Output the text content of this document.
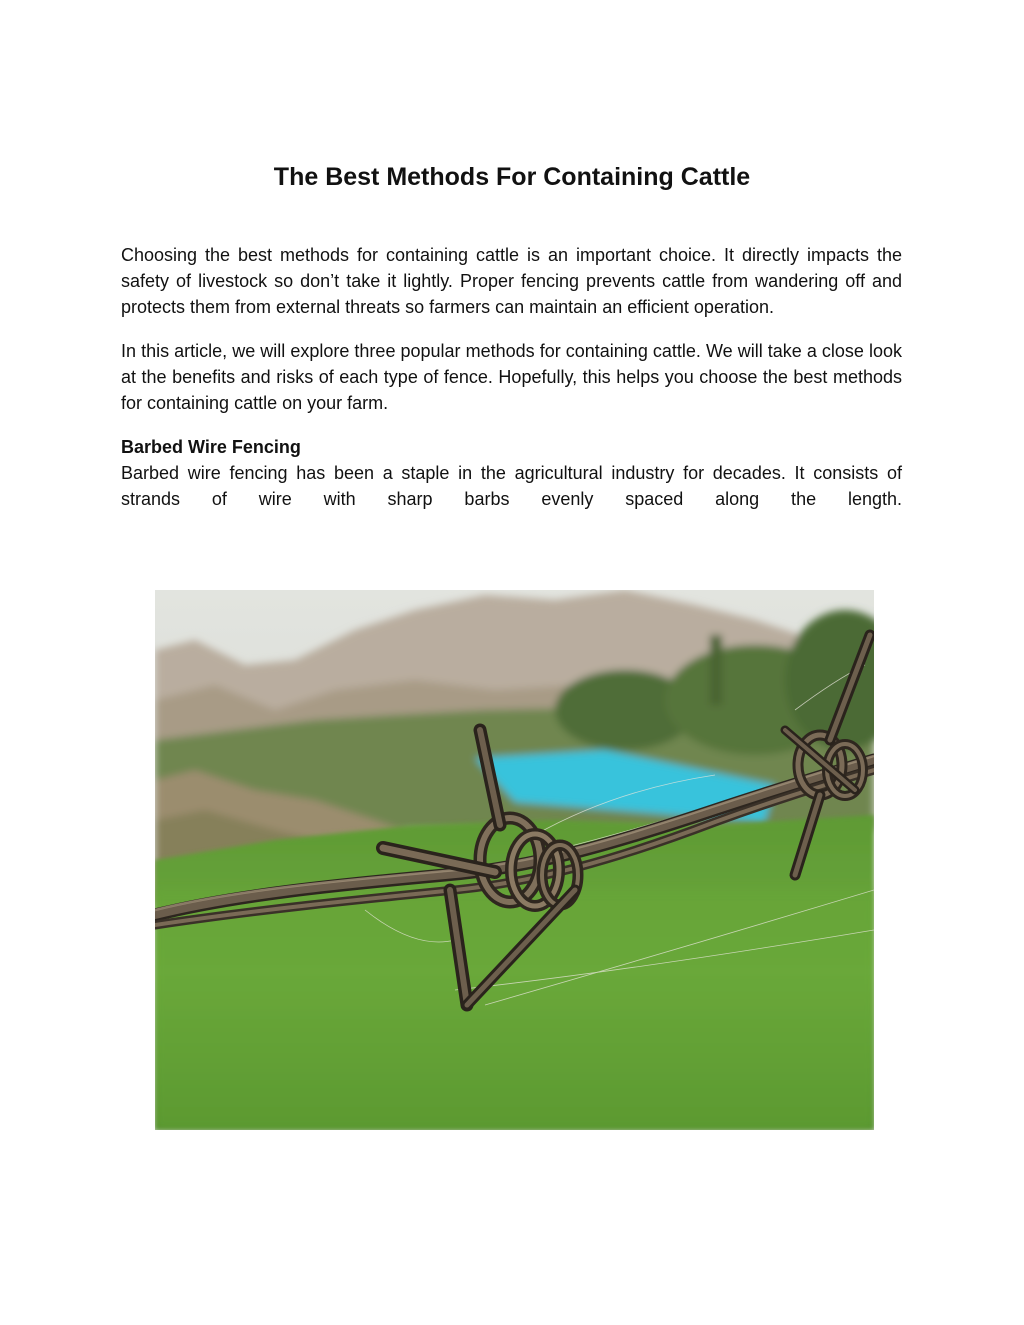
The Best Methods For Containing Cattle

Choosing the best methods for containing cattle is an important choice. It directly impacts the safety of livestock so don’t take it lightly. Proper fencing prevents cattle from wandering off and protects them from external threats so farmers can maintain an efficient operation.

In this article, we will explore three popular methods for containing cattle. We will take a close look at the benefits and risks of each type of fence. Hopefully, this helps you choose the best methods for containing cattle on your farm.

Barbed Wire Fencing

Barbed wire fencing has been a staple in the agricultural industry for decades. It consists of strands of wire with sharp barbs evenly spaced along the length.
